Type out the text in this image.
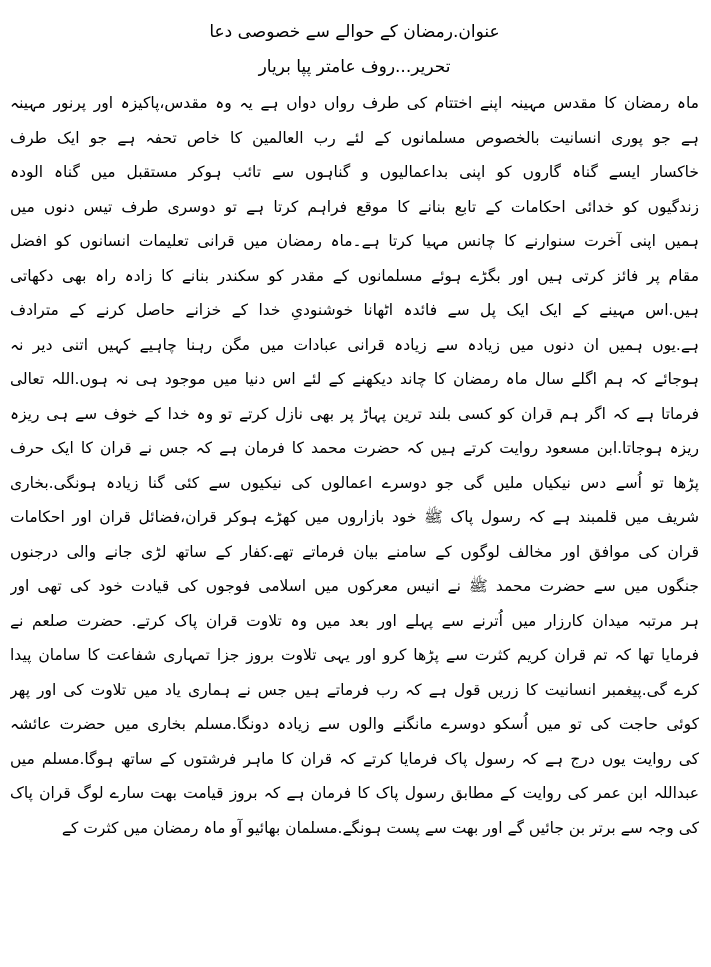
عنوان.رمضان کے حوالے سے خصوصی دعا
تحریر...روف عامتر پپا بریار
ماہ رمضان کا مقدس مہینہ اپنے اختتام کی طرف رواں دواں ہے یہ وہ مقدس،پاکیزہ اور پرنور مہینہ
ہے جو پوری انسانیت بالخصوص مسلمانوں کے لئے رب العالمین کا خاص تحفہ ہے جو ایک طرف
خاکسار ایسے گناہ گاروں کو اپنی بداعمالیوں و گناہوں سے تائب ہوکر مستقبل میں گناہ الودہ
زندگیوں کو خدائی احکامات کے تابع بنانے کا موقع فراہم کرتا ہے تو دوسری طرف تیس دنوں میں
ہمیں اپنی آخرت سنوارنے کا چانس مہیا کرتا ہے۔ماہ رمضان میں قرانی تعلیمات انسانوں کو افضل
مقام پر فائز کرتی ہیں اور بگڑے ہوئے مسلمانوں کے مقدر کو سکندر بنانے کا زادہ راہ بھی دکھاتی
ہیں.اس مہینے کے ایک ایک پل سے فائدہ اٹھانا خوشنودیِ خدا کے خزانے حاصل کرنے کے مترادف
ہے.یوں ہمیں ان دنوں میں زیادہ سے زیادہ قرانی عبادات میں مگن رہنا چاہیے کہیں اتنی دیر نہ
ہوجائے کہ ہم اگلے سال ماہ رمضان کا چاند دیکھنے کے لئے اس دنیا میں موجود ہی نہ ہوں.اللہ تعالی
فرماتا ہے کہ اگر ہم قران کو کسی بلند ترین پہاڑ پر بھی نازل کرتے تو وہ خدا کے خوف سے ہی ریزہ
ریزہ ہوجاتا.ابن مسعود روایت کرتے ہیں کہ حضرت محمد کا فرمان ہے کہ جس نے قران کا ایک حرف
پڑھا تو اُسے دس نیکیاں ملیں گی جو دوسرے اعمالوں کی نیکیوں سے کئی گنا زیادہ ہونگی.بخاری
شریف میں قلمبند ہے کہ رسول پاک ﷺ خود بازاروں میں کھڑے ہوکر قران،فضائل قران اور احکامات
قران کی موافق اور مخالف لوگوں کے سامنے بیان فرماتے تھے.کفار کے ساتھ لڑی جانے والی درجنوں
جنگوں میں سے حضرت محمد ﷺ نے انیس معرکوں میں اسلامی فوجوں کی قیادت خود کی تھی اور
ہر مرتبہ میدان کارزار میں اُترنے سے پہلے اور بعد میں وہ تلاوت قران پاک کرتے. حضرت صلعم نے
فرمایا تھا کہ تم قران کریم کثرت سے پڑھا کرو اور یہی تلاوت بروز جزا تمہاری شفاعت کا سامان پیدا
کرے گی.پیغمبر انسانیت کا زریں قول ہے کہ رب فرماتے ہیں جس نے ہماری یاد میں تلاوت کی اور پھر
کوئی حاجت کی تو میں اُسکو دوسرے مانگنے والوں سے زیادہ دونگا.مسلم بخاری میں حضرت عائشہ
کی روایت یوں درج ہے کہ رسول پاک فرمایا کرتے کہ قران کا ماہر فرشتوں کے ساتھ ہوگا.مسلم میں
عبداللہ ابن عمر کی روایت کے مطابق رسول پاک کا فرمان ہے کہ بروز قیامت بھت سارے لوگ قران پاک
کی وجہ سے برتر بن جائیں گے اور بھت سے پست ہونگے.مسلمان بھائیو آو ماہ رمضان میں کثرت کے
